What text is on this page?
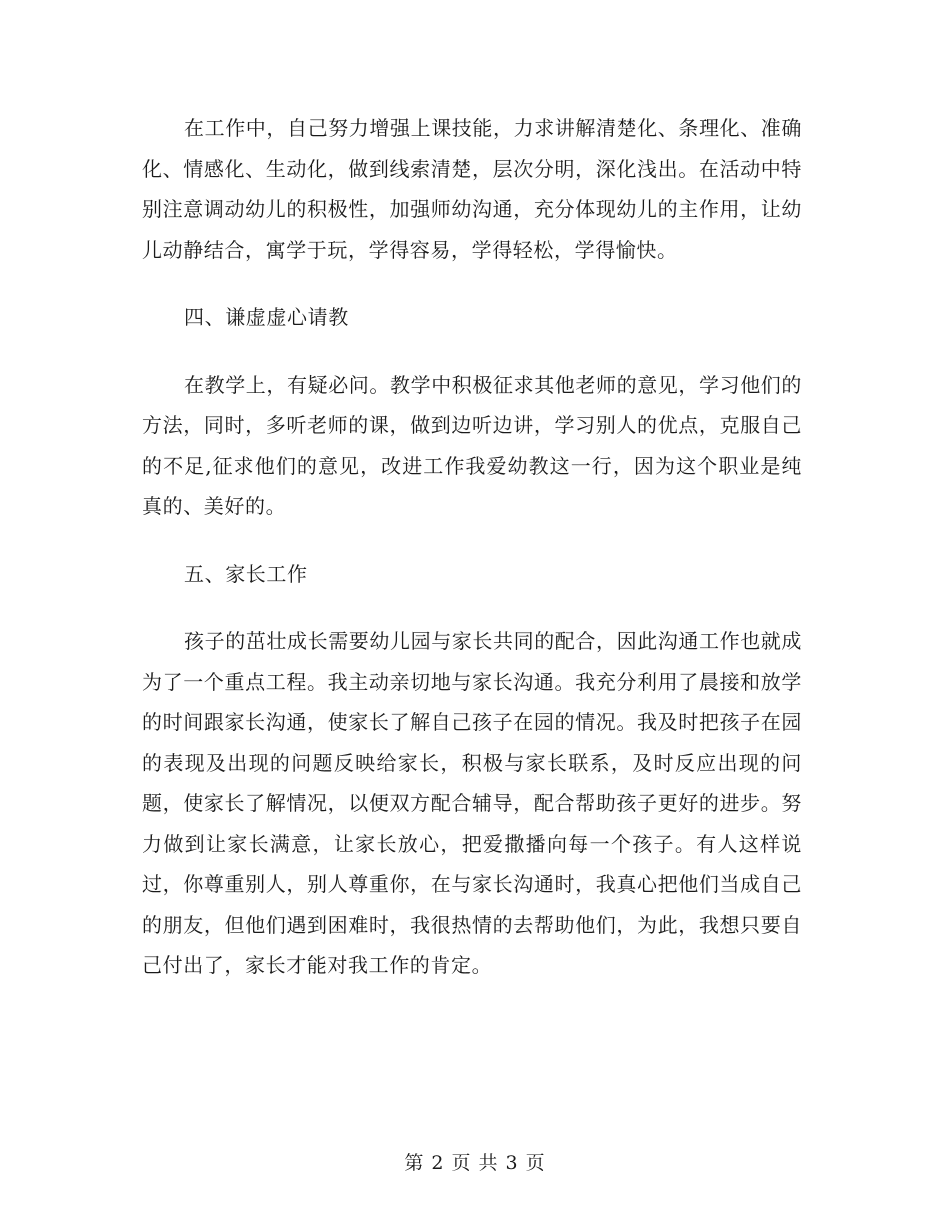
在工作中，自己努力增强上课技能，力求讲解清楚化、条理化、准确化、情感化、生动化，做到线索清楚，层次分明，深化浅出。在活动中特别注意调动幼儿的积极性，加强师幼沟通，充分体现幼儿的主作用，让幼儿动静结合，寓学于玩，学得容易，学得轻松，学得愉快。

四、谦虚虚心请教

在教学上，有疑必问。教学中积极征求其他老师的意见，学习他们的方法，同时，多听老师的课，做到边听边讲，学习别人的优点，克服自己的不足,征求他们的意见，改进工作我爱幼教这一行，因为这个职业是纯真的、美好的。

五、家长工作

孩子的茁壮成长需要幼儿园与家长共同的配合，因此沟通工作也就成为了一个重点工程。我主动亲切地与家长沟通。我充分利用了晨接和放学的时间跟家长沟通，使家长了解自己孩子在园的情况。我及时把孩子在园的表现及出现的问题反映给家长，积极与家长联系，及时反应出现的问题，使家长了解情况，以便双方配合辅导，配合帮助孩子更好的进步。努力做到让家长满意，让家长放心，把爱撒播向每一个孩子。有人这样说过，你尊重别人，别人尊重你，在与家长沟通时，我真心把他们当成自己的朋友，但他们遇到困难时，我很热情的去帮助他们，为此，我想只要自己付出了，家长才能对我工作的肯定。

第 2 页 共 3 页
